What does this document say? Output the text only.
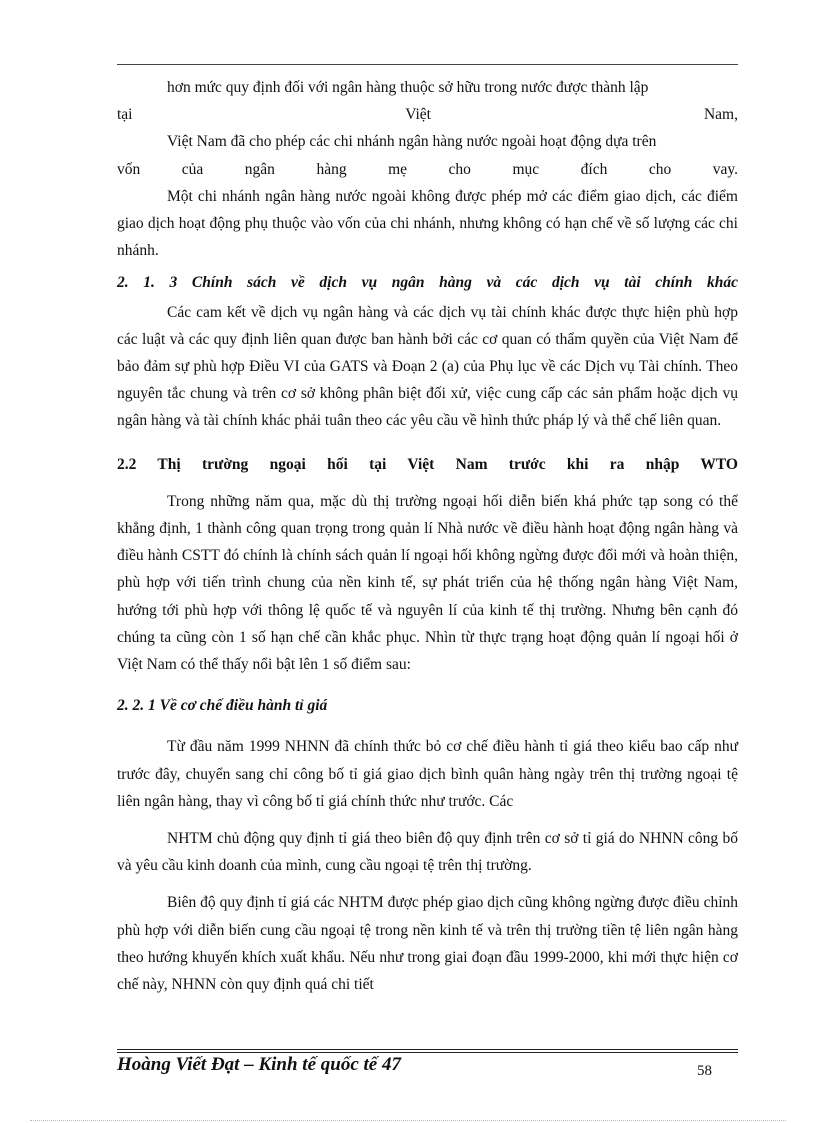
hơn mức quy định đối với ngân hàng thuộc sở hữu trong nước được thành lập

tại Việt Nam,

Việt Nam đã cho phép các chi nhánh ngân hàng nước ngoài hoạt động dựa trên

vốn của ngân hàng mẹ cho mục đích cho vay.

Một chi nhánh ngân hàng nước ngoài không được phép mở các điểm giao dịch, các điểm giao dịch hoạt động phụ thuộc vào vốn của chi nhánh, nhưng không có hạn chế về số lượng các chi nhánh.

2. 1. 3 Chính sách về dịch vụ ngân hàng và các dịch vụ tài chính khác

Các cam kết về dịch vụ ngân hàng và các dịch vụ tài chính khác được thực hiện phù hợp các luật và các quy định liên quan được ban hành bởi các cơ quan có thẩm quyền của Việt Nam để bảo đảm sự phù hợp Điều VI của GATS và Đoạn 2 (a) của Phụ lục về các Dịch vụ Tài chính. Theo nguyên tắc chung và trên cơ sở không phân biệt đối xử, việc cung cấp các sản phẩm hoặc dịch vụ ngân hàng và tài chính khác phải tuân theo các yêu cầu về hình thức pháp lý và thể chế liên quan.

2.2 Thị trường ngoại hối tại Việt Nam trước khi ra nhập WTO

Trong những năm qua, mặc dù thị trường ngoại hối diễn biến khá phức tạp song có thể khẳng định, 1 thành công quan trọng trong quản lí Nhà nước về điều hành hoạt động ngân hàng và điều hành CSTT đó chính là chính sách quản lí ngoại hối không ngừng được đổi mới và hoàn thiện, phù hợp với tiến trình chung của nền kinh tế, sự phát triển của hệ thống ngân hàng Việt Nam, hướng tới phù hợp với thông lệ quốc tế và nguyên lí của kinh tế thị trường. Nhưng bên cạnh đó chúng ta cũng còn 1 số hạn chế cần khắc phục. Nhìn từ thực trạng hoạt động quản lí ngoại hối ở Việt Nam có thể thấy nổi bật lên 1 số điểm sau:

2. 2. 1 Về cơ chế điều hành tỉ giá

Từ đầu năm 1999 NHNN đã chính thức bỏ cơ chế điều hành tỉ giá theo kiểu bao cấp như trước đây, chuyển sang chỉ công bố tỉ giá giao dịch bình quân hàng ngày trên thị trường ngoại tệ liên ngân hàng, thay vì công bố tỉ giá chính thức như trước. Các

NHTM chủ động quy định tỉ giá theo biên độ quy định trên cơ sở tỉ giá do NHNN công bố và yêu cầu kinh doanh của mình, cung cầu ngoại tệ trên thị trường.

Biên độ quy định tỉ giá các NHTM được phép giao dịch cũng không ngừng được điều chỉnh phù hợp với diễn biến cung cầu ngoại tệ trong nền kinh tế và trên thị trường tiền tệ liên ngân hàng theo hướng khuyến khích xuất khẩu. Nếu như trong giai đoạn đầu 1999-2000, khi mới thực hiện cơ chế này, NHNN còn quy định quá chi tiết

Hoàng Viết Đạt – Kinh tế quốc tế 47	58
